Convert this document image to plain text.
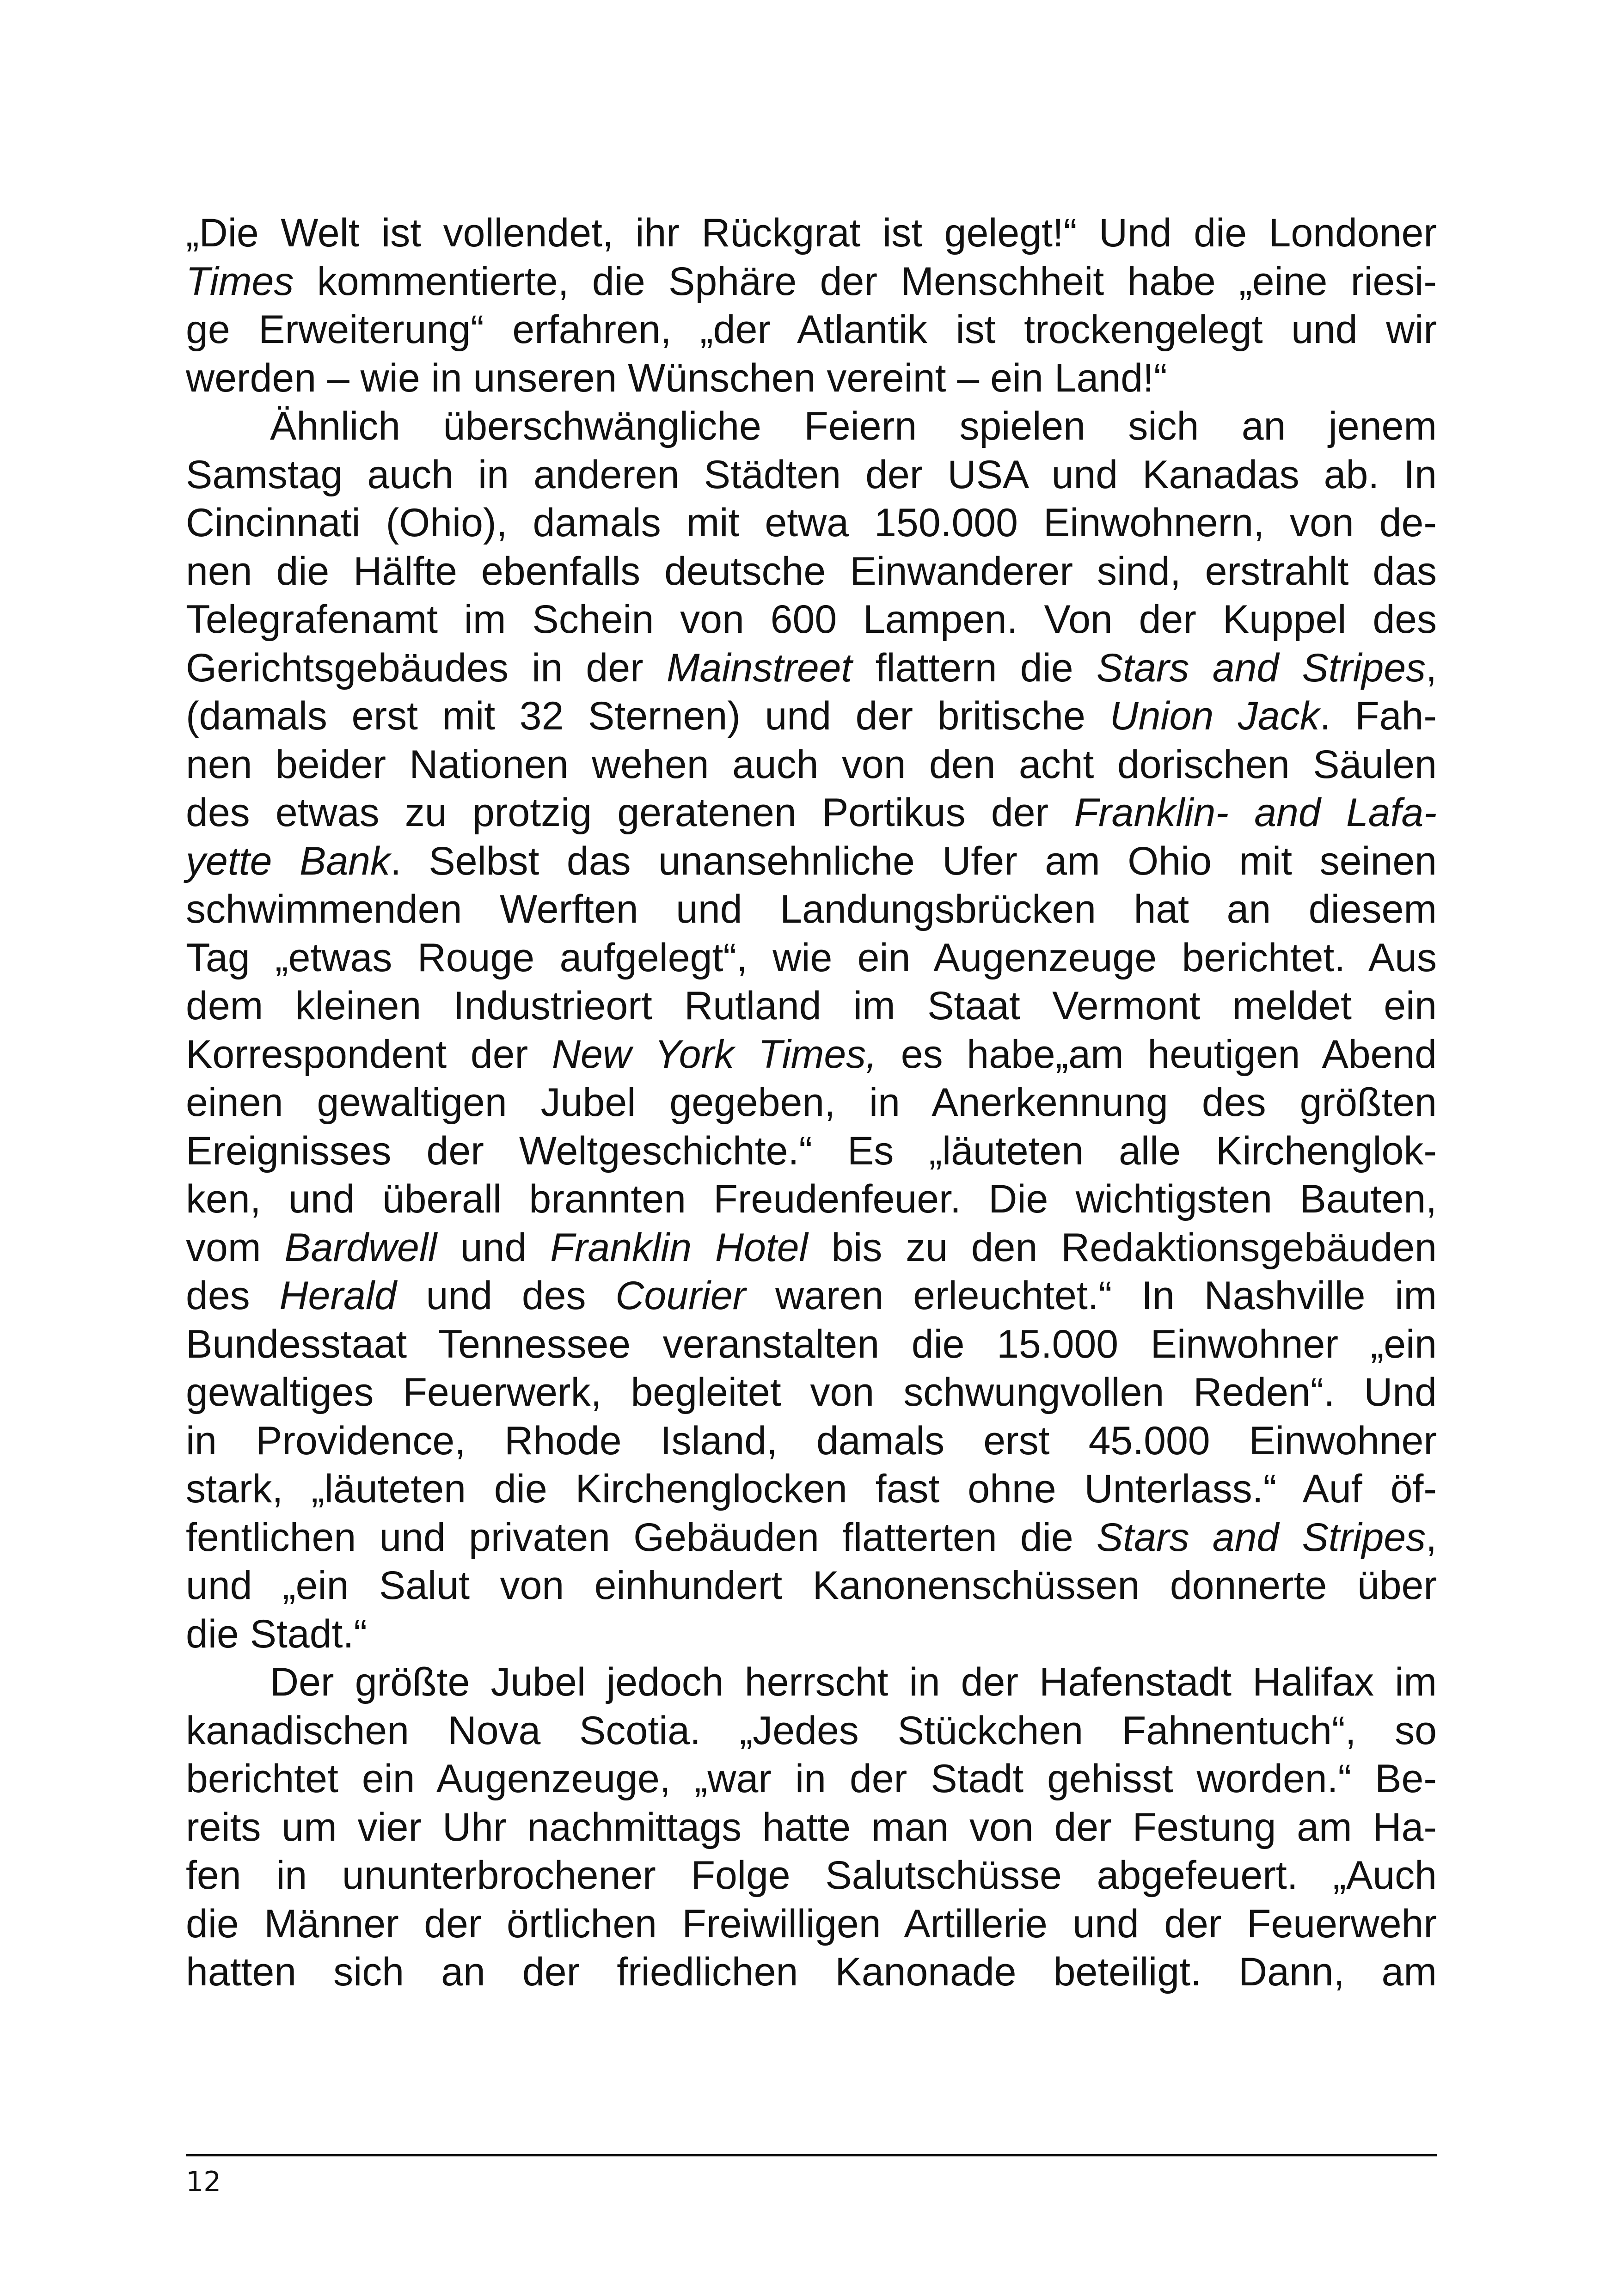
„Die Welt ist vollendet, ihr Rückgrat ist gelegt!“ Und die Londoner
Times kommentierte, die Sphäre der Menschheit habe „eine riesi-
ge Erweiterung“ erfahren, „der Atlantik ist trockengelegt und wir
werden – wie in unseren Wünschen vereint – ein Land!“
Ähnlich überschwängliche Feiern spielen sich an jenem
Samstag auch in anderen Städten der USA und Kanadas ab. In
Cincinnati (Ohio), damals mit etwa 150.000 Einwohnern, von de-
nen die Hälfte ebenfalls deutsche Einwanderer sind, erstrahlt das
Telegrafenamt im Schein von 600 Lampen. Von der Kuppel des
Gerichtsgebäudes in der Mainstreet flattern die Stars and Stripes,
(damals erst mit 32 Sternen) und der britische Union Jack. Fah-
nen beider Nationen wehen auch von den acht dorischen Säulen
des etwas zu protzig geratenen Portikus der Franklin- and Lafa-
yette Bank. Selbst das unansehnliche Ufer am Ohio mit seinen
schwimmenden Werften und Landungsbrücken hat an diesem
Tag „etwas Rouge aufgelegt“, wie ein Augenzeuge berichtet. Aus
dem kleinen Industrieort Rutland im Staat Vermont meldet ein
Korrespondent der New York Times, es habe„am heutigen Abend
einen gewaltigen Jubel gegeben, in Anerkennung des größten
Ereignisses der Weltgeschichte.“ Es „läuteten alle Kirchenglok-
ken, und überall brannten Freudenfeuer. Die wichtigsten Bauten,
vom Bardwell und Franklin Hotel bis zu den Redaktionsgebäuden
des Herald und des Courier waren erleuchtet.“ In Nashville im
Bundesstaat Tennessee veranstalten die 15.000 Einwohner „ein
gewaltiges Feuerwerk, begleitet von schwungvollen Reden“. Und
in Providence, Rhode Island, damals erst 45.000 Einwohner
stark, „läuteten die Kirchenglocken fast ohne Unterlass.“ Auf öf-
fentlichen und privaten Gebäuden flatterten die Stars and Stripes,
und „ein Salut von einhundert Kanonenschüssen donnerte über
die Stadt.“
Der größte Jubel jedoch herrscht in der Hafenstadt Halifax im
kanadischen Nova Scotia. „Jedes Stückchen Fahnentuch“, so
berichtet ein Augenzeuge, „war in der Stadt gehisst worden.“ Be-
reits um vier Uhr nachmittags hatte man von der Festung am Ha-
fen in ununterbrochener Folge Salutschüsse abgefeuert. „Auch
die Männer der örtlichen Freiwilligen Artillerie und der Feuerwehr
hatten sich an der friedlichen Kanonade beteiligt. Dann, am
12
